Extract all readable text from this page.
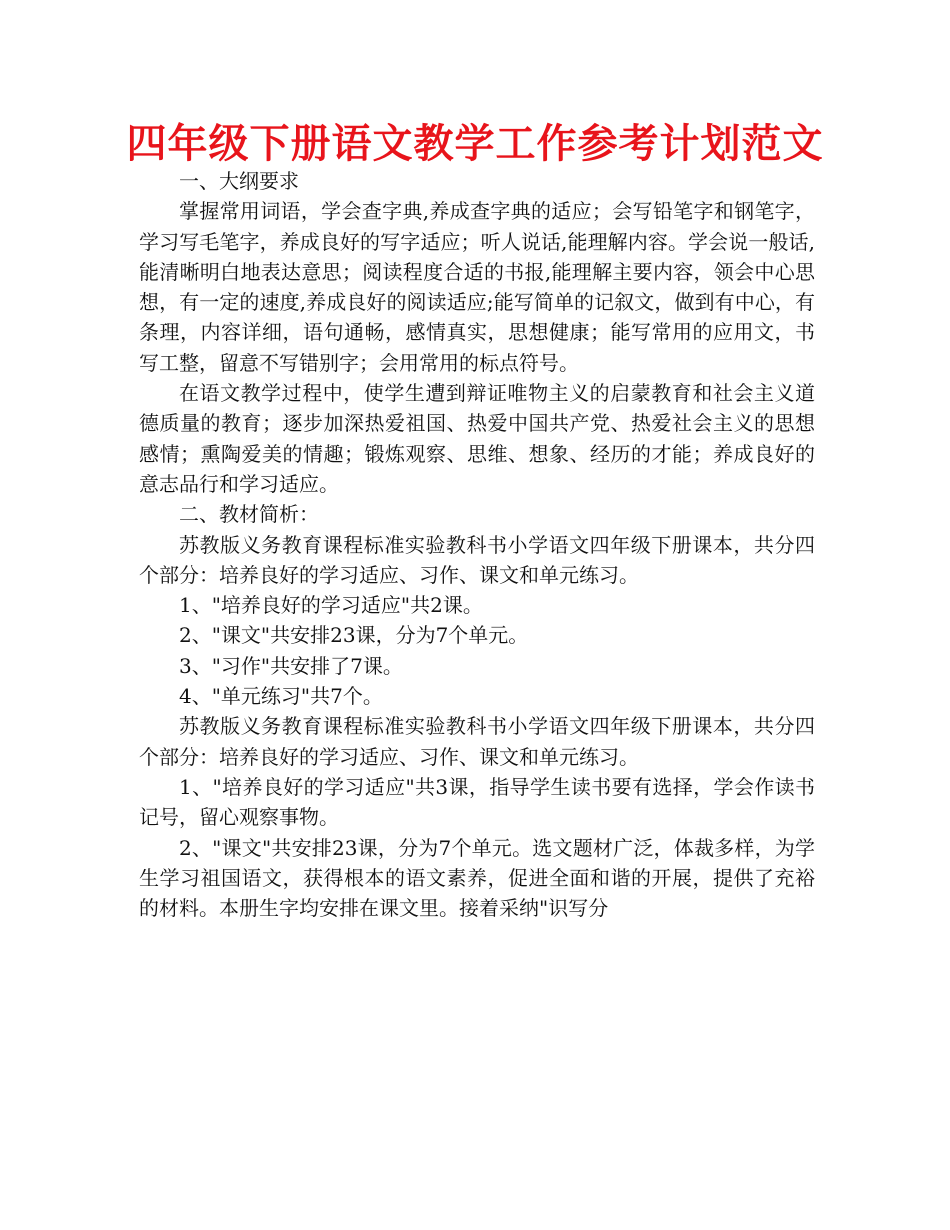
四年级下册语文教学工作参考计划范文

一、大纲要求

掌握常用词语，学会查字典,养成查字典的适应；会写铅笔字和钢笔字，学习写毛笔字，养成良好的写字适应；听人说话,能理解内容。学会说一般话,能清晰明白地表达意思；阅读程度合适的书报,能理解主要内容，领会中心思想，有一定的速度,养成良好的阅读适应;能写简单的记叙文，做到有中心，有条理，内容详细，语句通畅，感情真实，思想健康；能写常用的应用文，书写工整，留意不写错别字；会用常用的标点符号。

在语文教学过程中，使学生遭到辩证唯物主义的启蒙教育和社会主义道德质量的教育；逐步加深热爱祖国、热爱中国共产党、热爱社会主义的思想感情；熏陶爱美的情趣；锻炼观察、思维、想象、经历的才能；养成良好的意志品行和学习适应。

二、教材简析：

苏教版义务教育课程标准实验教科书小学语文四年级下册课本，共分四个部分：培养良好的学习适应、习作、课文和单元练习。

1、"培养良好的学习适应"共2课。

2、"课文"共安排23课，分为7个单元。

3、"习作"共安排了7课。

4、"单元练习"共7个。

苏教版义务教育课程标准实验教科书小学语文四年级下册课本，共分四个部分：培养良好的学习适应、习作、课文和单元练习。

1、"培养良好的学习适应"共3课，指导学生读书要有选择，学会作读书记号，留心观察事物。

2、"课文"共安排23课，分为7个单元。选文题材广泛，体裁多样，为学生学习祖国语文，获得根本的语文素养，促进全面和谐的开展，提供了充裕的材料。本册生字均安排在课文里。接着采纳"识写分
